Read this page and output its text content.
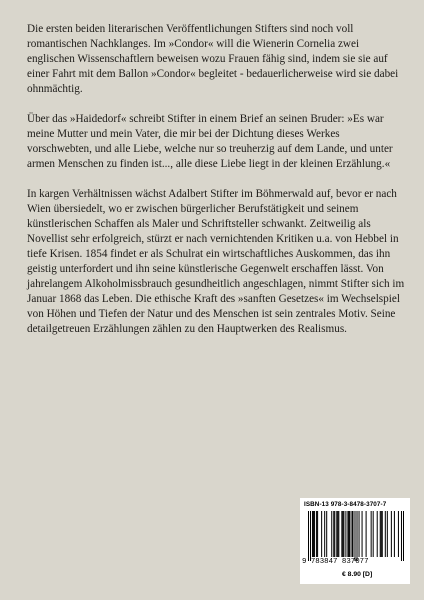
Die ersten beiden literarischen Veröffentlichungen Stifters sind noch voll romantischen Nachklanges. Im »Condor« will die Wienerin Cornelia zwei englischen Wissenschaftlern beweisen wozu Frauen fähig sind, indem sie sie auf einer Fahrt mit dem Ballon »Condor« begleitet - bedauerlicherweise wird sie dabei ohnmächtig.

Über das »Haidedorf« schreibt Stifter in einem Brief an seinen Bruder: »Es war meine Mutter und mein Vater, die mir bei der Dichtung dieses Werkes vorschwebten, und alle Liebe, welche nur so treuherzig auf dem Lande, und unter armen Menschen zu finden ist..., alle diese Liebe liegt in der kleinen Erzählung.«

In kargen Verhältnissen wächst Adalbert Stifter im Böhmerwald auf, bevor er nach Wien übersiedelt, wo er zwischen bürgerlicher Berufstätigkeit und seinem künstlerischen Schaffen als Maler und Schriftsteller schwankt. Zeitweilig als Novellist sehr erfolgreich, stürzt er nach vernichtenden Kritiken u.a. von Hebbel in tiefe Krisen. 1854 findet er als Schulrat ein wirtschaftliches Auskommen, das ihn geistig unterfordert und ihn seine künstlerische Gegenwelt erschaffen lässt. Von jahrelangem Alkoholmissbrauch gesundheitlich angeschlagen, nimmt Stifter sich im Januar 1868 das Leben. Die ethische Kraft des »sanften Gesetzes« im Wechselspiel von Höhen und Tiefen der Natur und des Menschen ist sein zentrales Motiv. Seine detailgetreuen Erzählungen zählen zu den Hauptwerken des Realismus.

ISBN-13 978-3-8478-3707-7
9 783847 837077
€ 8.90 [D]
